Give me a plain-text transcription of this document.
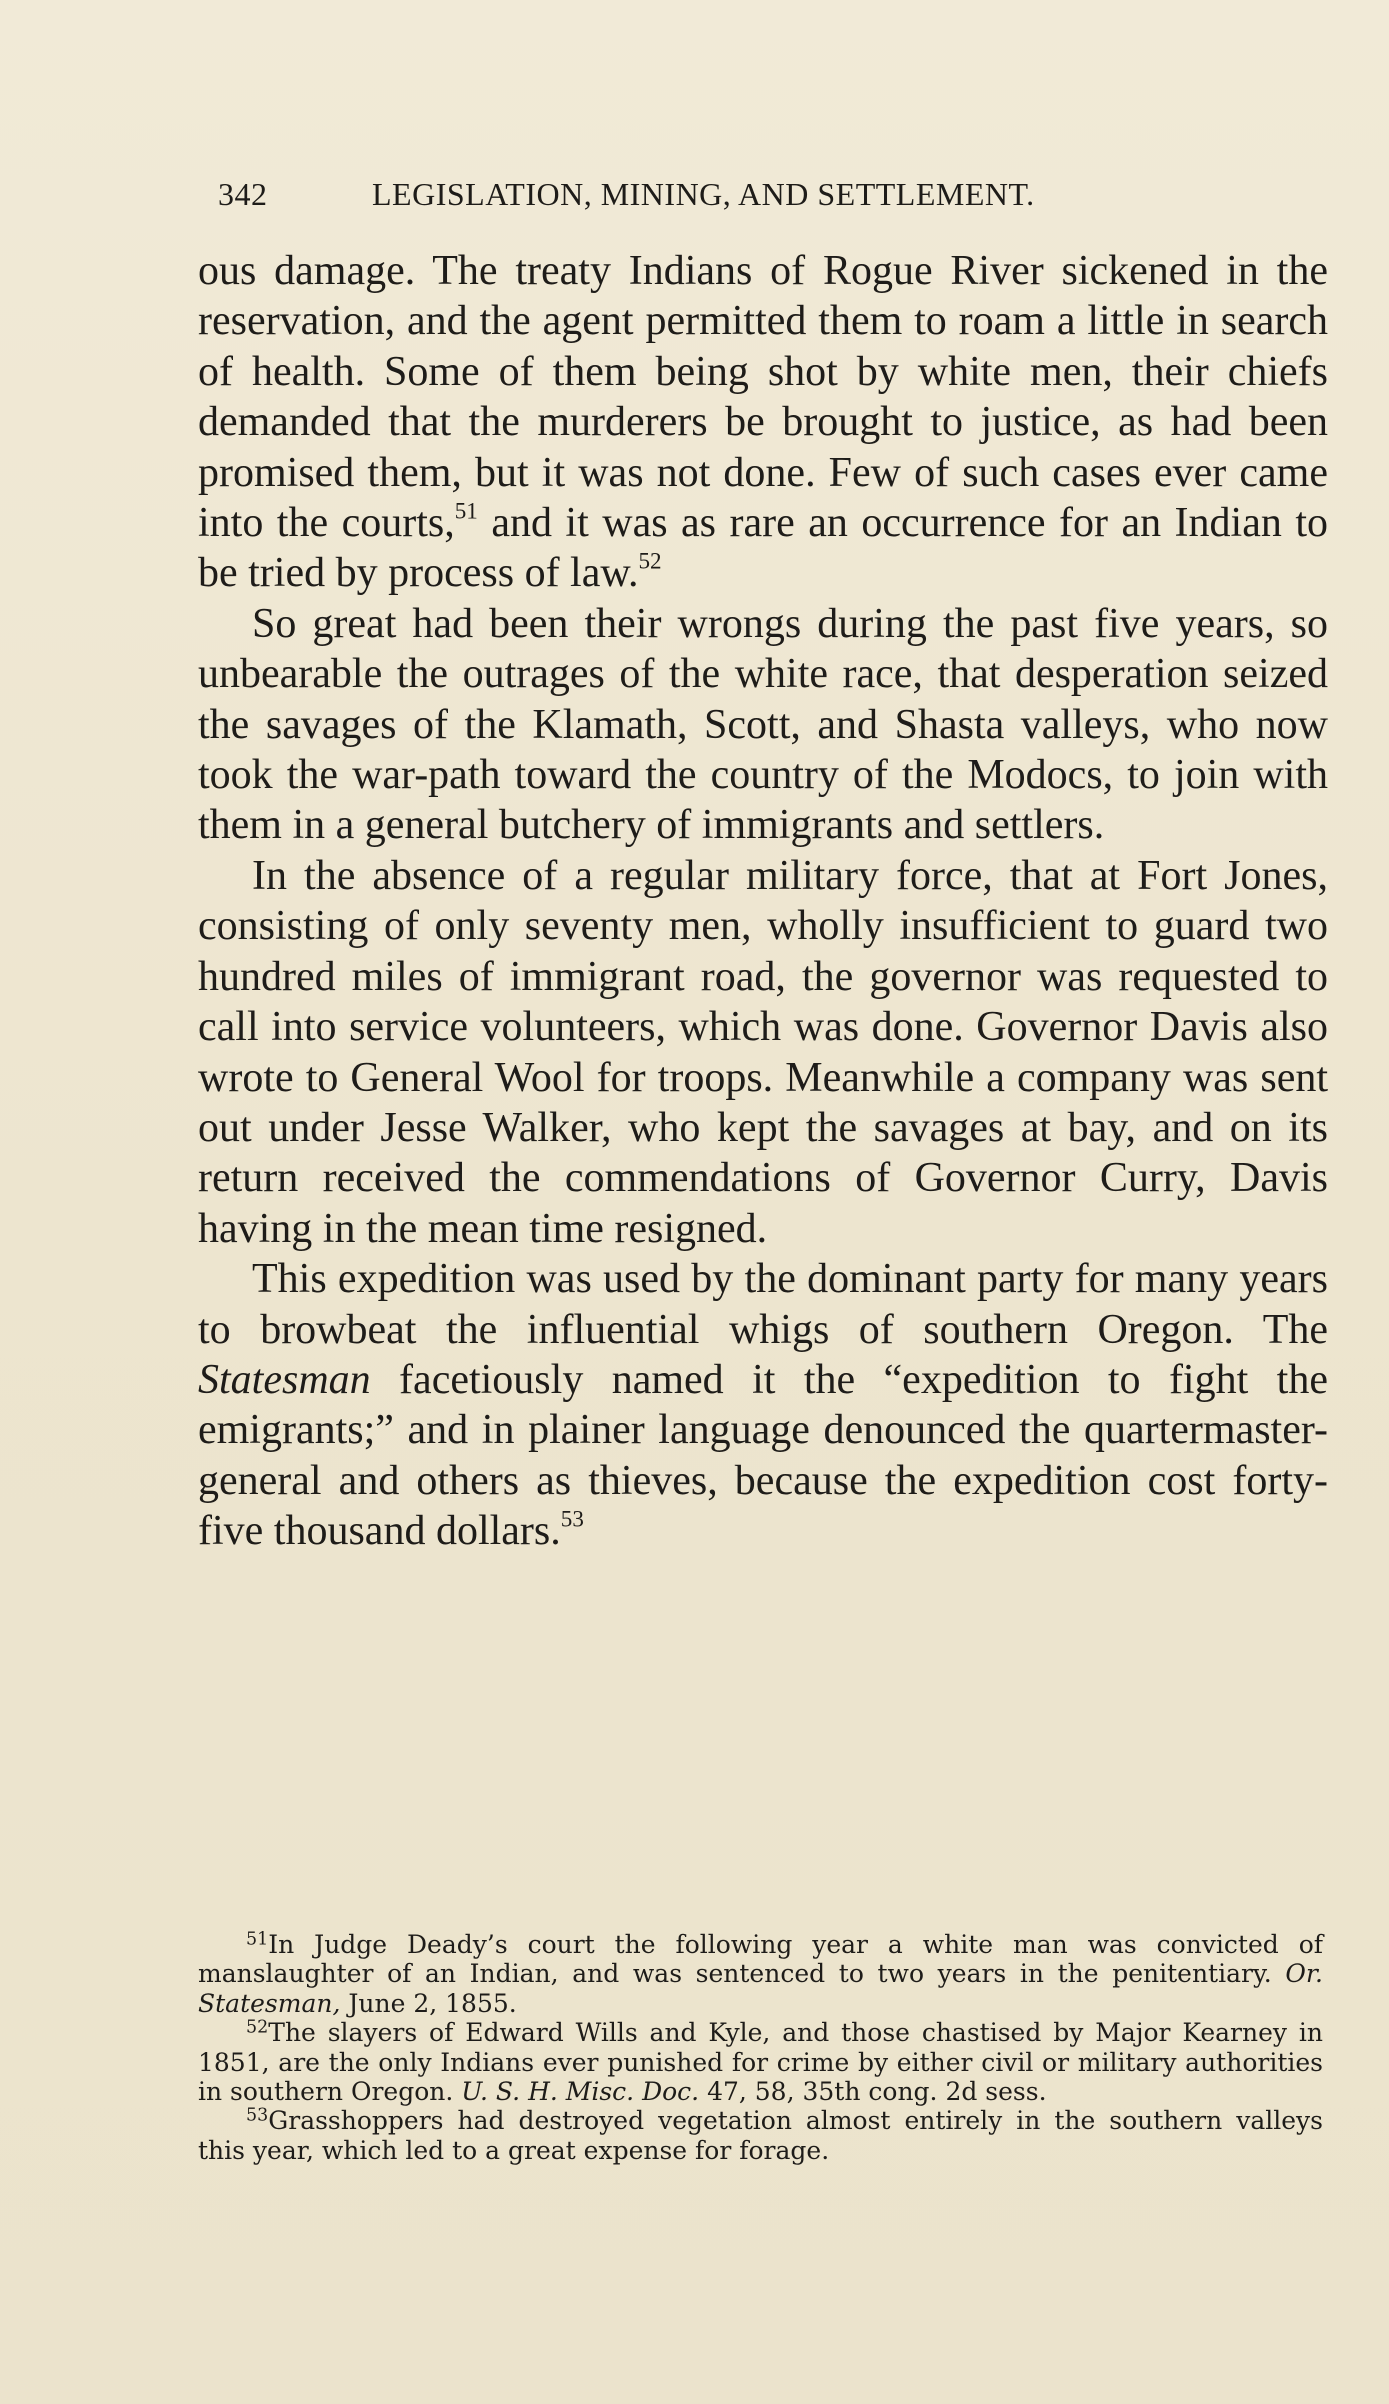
342	LEGISLATION, MINING, AND SETTLEMENT.

ous damage. The treaty Indians of Rogue River sickened in the reservation, and the agent permitted them to roam a little in search of health. Some of them being shot by white men, their chiefs demanded that the murderers be brought to justice, as had been promised them, but it was not done. Few of such cases ever came into the courts,$^{51}$ and it was as rare an occurrence for an Indian to be tried by process of law.$^{52}$

So great had been their wrongs during the past five years, so unbearable the outrages of the white race, that desperation seized the savages of the Klamath, Scott, and Shasta valleys, who now took the war-path toward the country of the Modocs, to join with them in a general butchery of immigrants and settlers.

In the absence of a regular military force, that at Fort Jones, consisting of only seventy men, wholly insufficient to guard two hundred miles of immigrant road, the governor was requested to call into service volunteers, which was done. Governor Davis also wrote to General Wool for troops. Meanwhile a company was sent out under Jesse Walker, who kept the savages at bay, and on its return received the commendations of Governor Curry, Davis having in the mean time resigned.

This expedition was used by the dominant party for many years to browbeat the influential whigs of southern Oregon. The Statesman facetiously named it the “expedition to fight the emigrants;” and in plainer language denounced the quartermaster-general and others as thieves, because the expedition cost forty-five thousand dollars.$^{53}$

$^{51}$In Judge Deady’s court the following year a white man was convicted of manslaughter of an Indian, and was sentenced to two years in the penitentiary. Or. Statesman, June 2, 1855.

$^{52}$The slayers of Edward Wills and Kyle, and those chastised by Major Kearney in 1851, are the only Indians ever punished for crime by either civil or military authorities in southern Oregon. U. S. H. Misc. Doc. 47, 58, 35th cong. 2d sess.

$^{53}$Grasshoppers had destroyed vegetation almost entirely in the southern valleys this year, which led to a great expense for forage.
